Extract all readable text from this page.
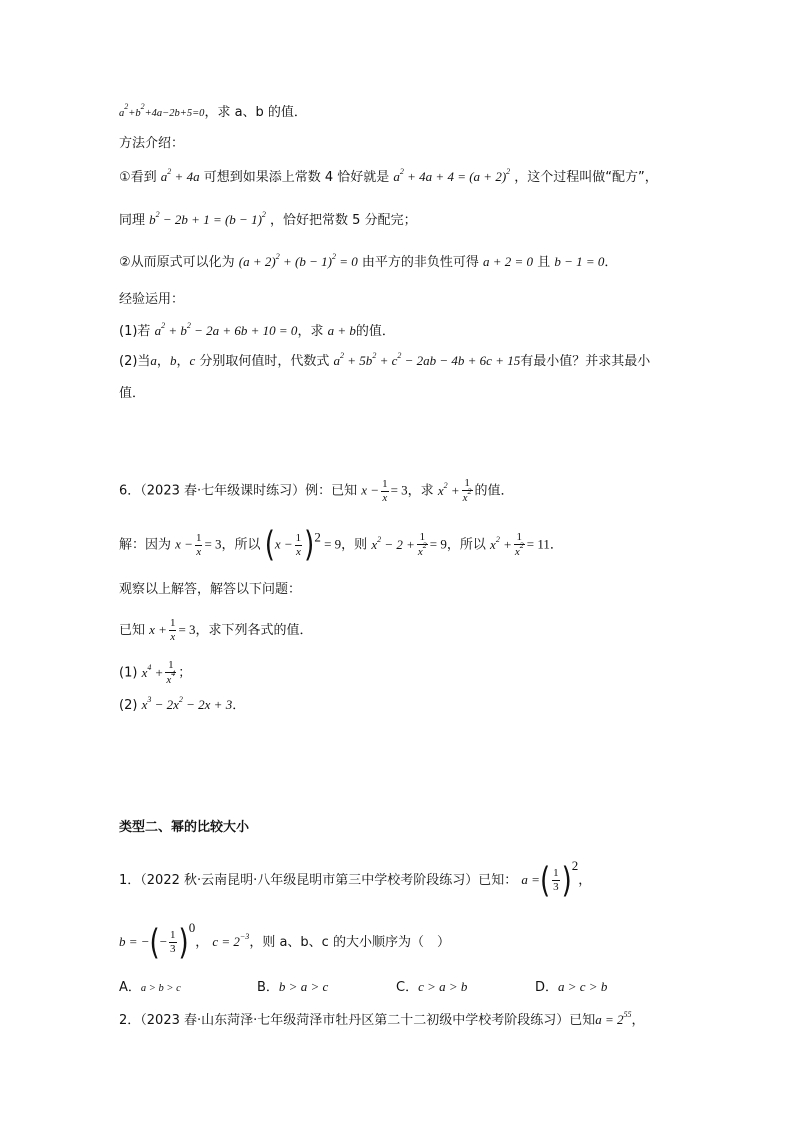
$a^2+b^2+4a-2b+5=0$，求 a、b 的值．
方法介绍：
①看到 $a^2 + 4a$ 可想到如果添上常数 4 恰好就是 $a^2 + 4a + 4 = (a + 2)^2$ ，这个过程叫做“配方”，
同理 $b^2 - 2b + 1 = (b - 1)^2$ ，恰好把常数 5 分配完；
②从而原式可以化为 $(a + 2)^2 + (b - 1)^2 = 0$ 由平方的非负性可得 a + 2 = 0 且 b − 1 = 0．
经验运用：
(1)若 $a^2 + b^2 - 2a + 6b + 10 = 0$，求 a + b的值．
(2)当a，b，c 分别取何值时，代数式 $a^2 + 5b^2 + c^2 - 2ab - 4b + 6c + 15$有最小值？并求其最小
值．
6．（2023 春·七年级课时练习）例：已知 $x - \frac{1}{x} = 3$，求 $x^2 + \frac{1}{x^2}$ 的值．
解：因为 $x - \frac{1}{x} = 3$，所以 $(x - \frac{1}{x} )^2 = 9$，则 $x^2 - 2 + \frac{1}{x^2} = 9$，所以 $x^2 + \frac{1}{x^2} = 11$．
观察以上解答，解答以下问题：
已知 $x + \frac{1}{x} = 3$，求下列各式的值．
(1) $x^4 + \frac{1}{x^4}$ ；
(2) $x^3 - 2x^2 - 2x + 3$．
类型二、幂的比较大小
1．（2022 秋·云南昆明·八年级昆明市第三中学校考阶段练习）已知： a =( $\frac{1}{3} )^2$，
b = −(− $\frac{1}{3} )^0$， $c = 2^{-3}$，则 a、b、c 的大小顺序为（　）
A．a > b > c	B．b > a > c	C．c > a > b	D．a > c > b
2．（2023 春·山东菏泽·七年级菏泽市牡丹区第二十二初级中学校考阶段练习）已知$a = 2^{55}$，
